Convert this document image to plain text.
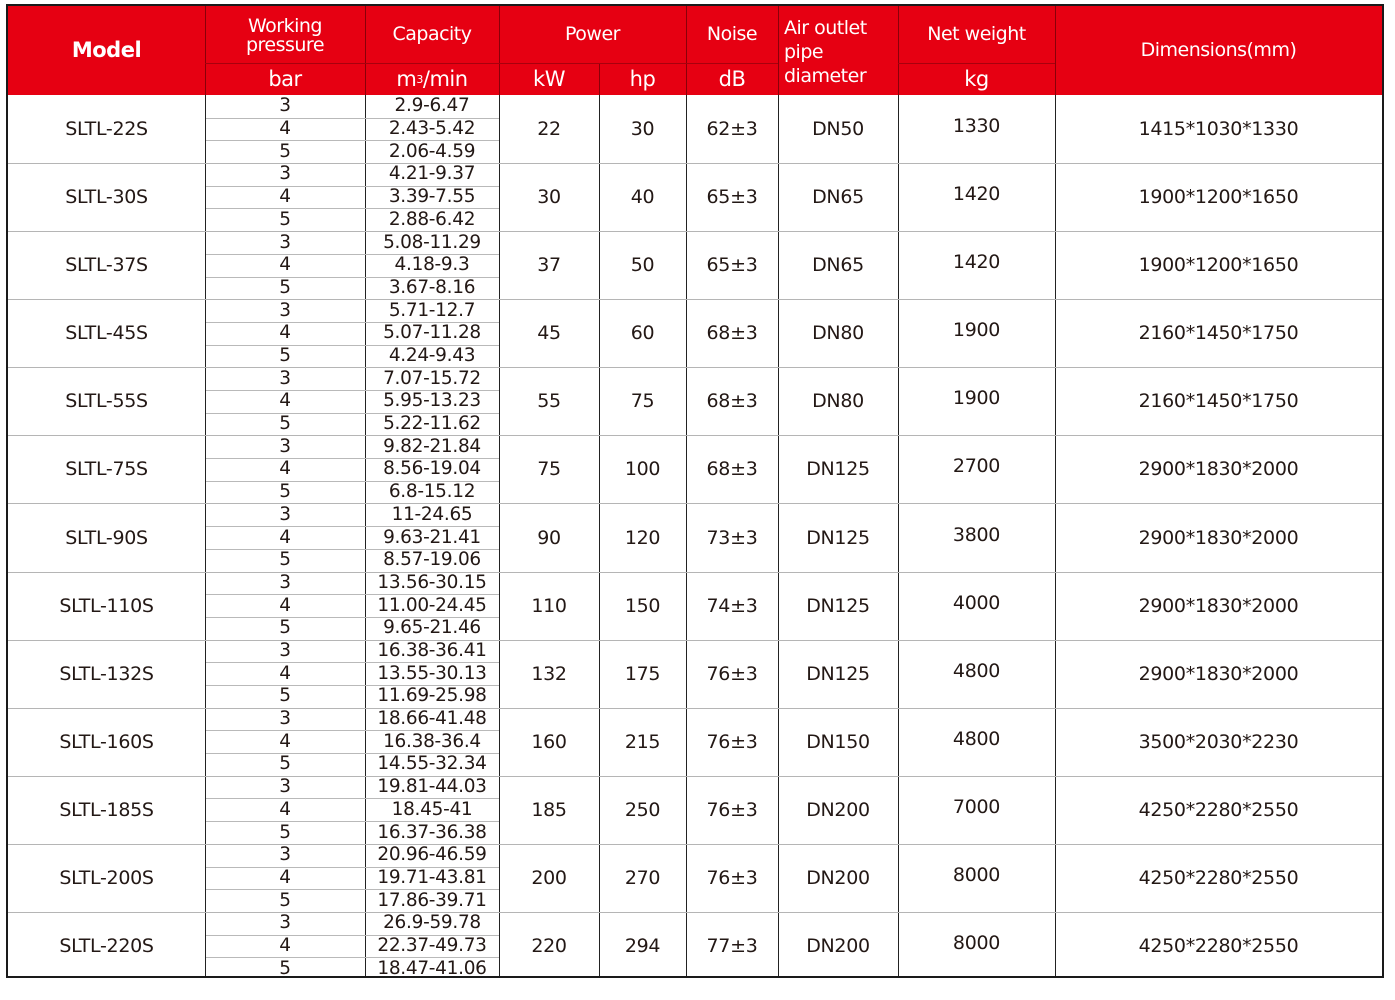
Model
Working pressure
bar
Capacity
m 3 /min
Power
kW	hp
Noise
dB
Air outlet pipe diameter
Net weight
kg
Dimensions(mm)
SLTL-22S
3	2.9-6.47
4	2.43-5.42
5	2.06-4.59
22	30	62±3	DN50	1330	1415*1030*1330
SLTL-30S
3	4.21-9.37
4	3.39-7.55
5	2.88-6.42
30	40	65±3	DN65	1420	1900*1200*1650
SLTL-37S
3	5.08-11.29
4	4.18-9.3
5	3.67-8.16
37	50	65±3	DN65	1420	1900*1200*1650
SLTL-45S
3	5.71-12.7
4	5.07-11.28
5	4.24-9.43
45	60	68±3	DN80	1900	2160*1450*1750
SLTL-55S
3	7.07-15.72
4	5.95-13.23
5	5.22-11.62
55	75	68±3	DN80	1900	2160*1450*1750
SLTL-75S
3	9.82-21.84
4	8.56-19.04
5	6.8-15.12
75	100	68±3	DN125	2700	2900*1830*2000
SLTL-90S
3	11-24.65
4	9.63-21.41
5	8.57-19.06
90	120	73±3	DN125	3800	2900*1830*2000
SLTL-110S
3	13.56-30.15
4	11.00-24.45
5	9.65-21.46
110	150	74±3	DN125	4000	2900*1830*2000
SLTL-132S
3	16.38-36.41
4	13.55-30.13
5	11.69-25.98
132	175	76±3	DN125	4800	2900*1830*2000
SLTL-160S
3	18.66-41.48
4	16.38-36.4
5	14.55-32.34
160	215	76±3	DN150	4800	3500*2030*2230
SLTL-185S
3	19.81-44.03
4	18.45-41
5	16.37-36.38
185	250	76±3	DN200	7000	4250*2280*2550
SLTL-200S
3	20.96-46.59
4	19.71-43.81
5	17.86-39.71
200	270	76±3	DN200	8000	4250*2280*2550
SLTL-220S
3	26.9-59.78
4	22.37-49.73
5	18.47-41.06
220	294	77±3	DN200	8000	4250*2280*2550
